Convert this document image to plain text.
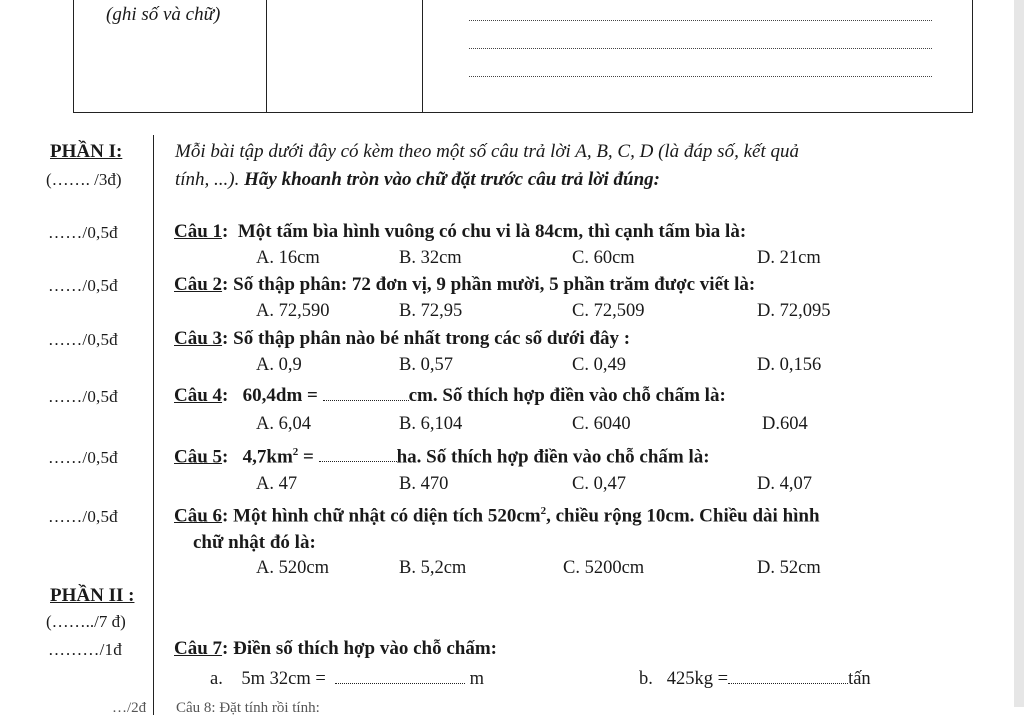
(ghi số và chữ)
PHẦN I:
(……. /3đ)
Mỗi bài tập dưới đây có kèm theo một số câu trả lời A, B, C, D (là đáp số, kết quả
tính, ...). Hãy khoanh tròn vào chữ đặt trước câu trả lời đúng:
……/0,5đ	Câu 1:  Một tấm bìa hình vuông có chu vi là 84cm, thì cạnh tấm bìa là:
A. 16cm	B. 32cm	C. 60cm	D. 21cm
……/0,5đ	Câu 2: Số thập phân: 72 đơn vị, 9 phần mười, 5 phần trăm được viết là:
A. 72,590	B. 72,95	C. 72,509	D. 72,095
……/0,5đ	Câu 3: Số thập phân nào bé nhất trong các số dưới đây :
A. 0,9	B. 0,57	C. 0,49	D. 0,156
……/0,5đ	Câu 4:   60,4dm =	cm. Số thích hợp điền vào chỗ chấm là:
A. 6,04	B. 6,104	C. 6040	D.604
……/0,5đ	Câu 5:   $4,7km^2$ =	ha. Số thích hợp điền vào chỗ chấm là:
A. 47	B. 470	C. 0,47	D. 4,07
……/0,5đ	Câu 6: Một hình chữ nhật có diện tích $520cm^2$, chiều rộng 10cm. Chiều dài hình
chữ nhật đó là:
A. 520cm	B. 5,2cm	C. 5200cm	D. 52cm
PHẦN II :
(……../7 đ)
………/1đ	Câu 7: Điền số thích hợp vào chỗ chấm:
a. 5m 32cm =	m	b. 425kg =	tấn
…/2đ Câu 8: Đặt tính rồi tính:
